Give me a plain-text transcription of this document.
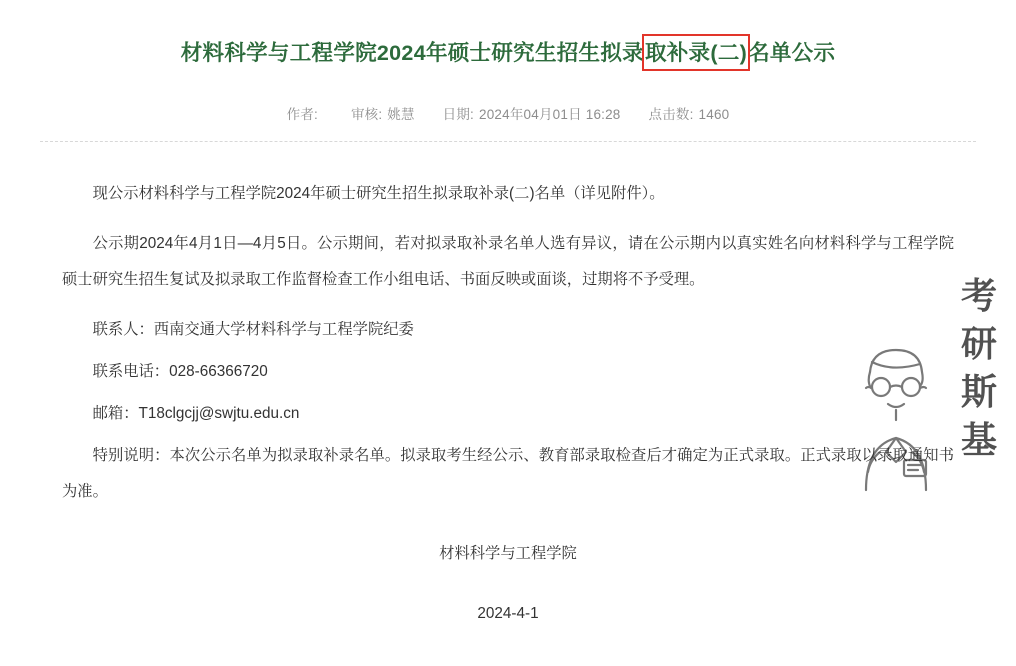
材料科学与工程学院2024年硕士研究生招生拟录取补录(二)名单公示
作者: 审核: 姚慧 日期: 2024年04月01日 16:28 点击数: 1460
考研斯基

现公示材料科学与工程学院2024年硕士研究生招生拟录取补录(二)名单（详见附件）。

公示期2024年4月1日—4月5日。公示期间，若对拟录取补录名单人选有异议，请在公示期内以真实姓名向材料科学与工程学院硕士研究生招生复试及拟录取工作监督检查工作小组电话、书面反映或面谈，过期将不予受理。

联系人：西南交通大学材料科学与工程学院纪委

联系电话：028-66366720

邮箱：T18clgcjj@swjtu.edu.cn

特别说明：本次公示名单为拟录取补录名单。拟录取考生经公示、教育部录取检查后才确定为正式录取。正式录取以录取通知书为准。

材料科学与工程学院

2024-4-1
